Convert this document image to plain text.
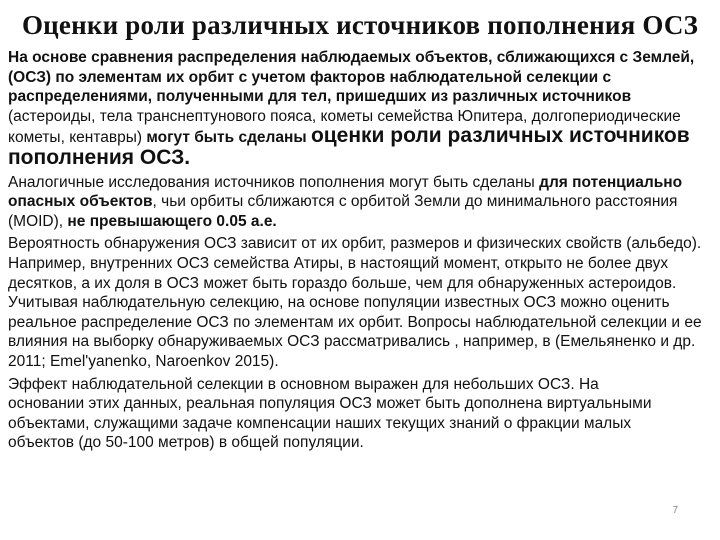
Оценки роли различных источников пополнения ОСЗ

На основе сравнения распределения наблюдаемых объектов, сближающихся с Землей, (ОСЗ) по элементам их орбит с учетом факторов наблюдательной селекции с распределениями, полученными для тел, пришедших из различных источников (астероиды, тела транснептунового пояса, кометы семейства Юпитера, долгопериодические кометы, кентавры) могут быть сделаны оценки роли различных источников пополнения ОСЗ.

Аналогичные исследования источников пополнения могут быть сделаны для потенциально опасных объектов, чьи орбиты сближаются с орбитой Земли до минимального расстояния (MOID), не превышающего 0.05 а.е.

Вероятность обнаружения ОСЗ зависит от их орбит, размеров и физических свойств (альбедо). Например, внутренних ОСЗ семейства Атиры, в настоящий момент, открыто не более двух десятков, а их доля в ОСЗ может быть гораздо больше, чем для обнаруженных астероидов. Учитывая наблюдательную селекцию, на основе популяции известных ОСЗ можно оценить реальное распределение ОСЗ по элементам их орбит. Вопросы наблюдательной селекции и ее влияния на выборку обнаруживаемых ОСЗ рассматривались , например, в (Емельяненко и др. 2011; Emel'yanenko, Naroenkov 2015).

Эффект наблюдательной селекции в основном выражен для небольших ОСЗ. На основании этих данных, реальная популяция ОСЗ может быть дополнена виртуальными объектами, служащими задаче компенсации наших текущих знаний о фракции малых объектов (до 50-100 метров) в общей популяции.

7
